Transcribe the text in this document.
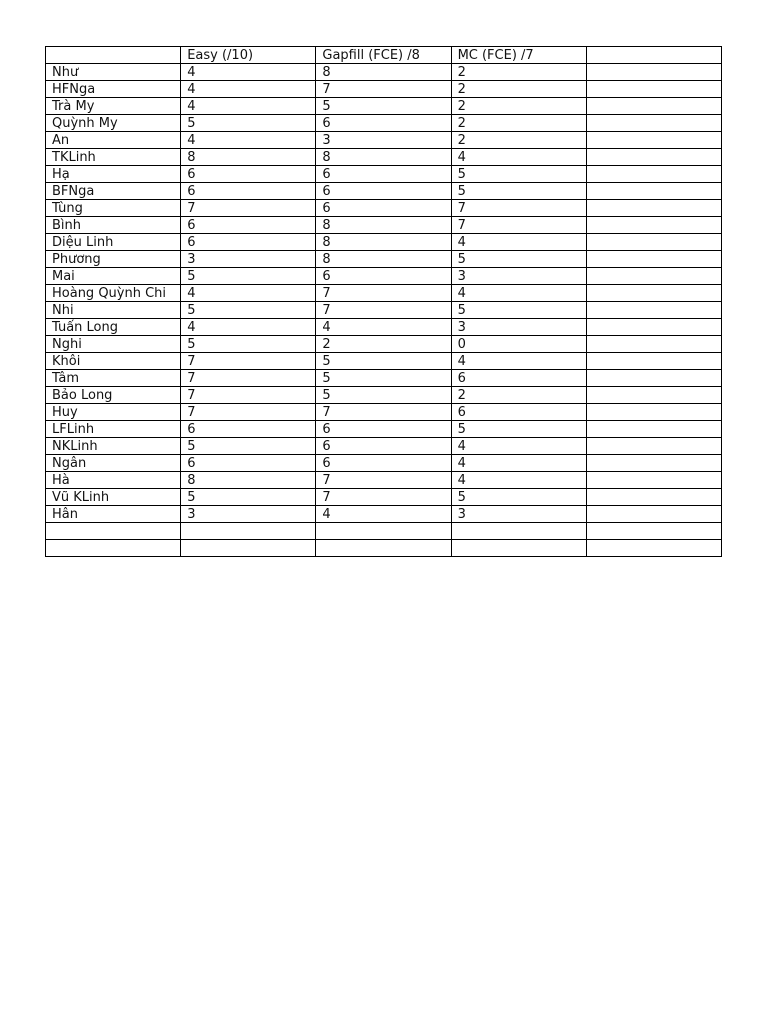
	Easy (/10)	Gapfill (FCE) /8	MC (FCE) /7	
Như	4	8	2	
HFNga	4	7	2	
Trà My	4	5	2	
Quỳnh My	5	6	2	
An	4	3	2	
TKLinh	8	8	4	
Hạ	6	6	5	
BFNga	6	6	5	
Tùng	7	6	7	
Bình	6	8	7	
Diệu Linh	6	8	4	
Phương	3	8	5	
Mai	5	6	3	
Hoàng Quỳnh Chi	4	7	4	
Nhi	5	7	5	
Tuấn Long	4	4	3	
Nghi	5	2	0	
Khôi	7	5	4	
Tâm	7	5	6	
Bảo Long	7	5	2	
Huy	7	7	6	
LFLinh	6	6	5	
NKLinh	5	6	4	
Ngân	6	6	4	
Hà	8	7	4	
Vũ KLinh	5	7	5	
Hân	3	4	3	
